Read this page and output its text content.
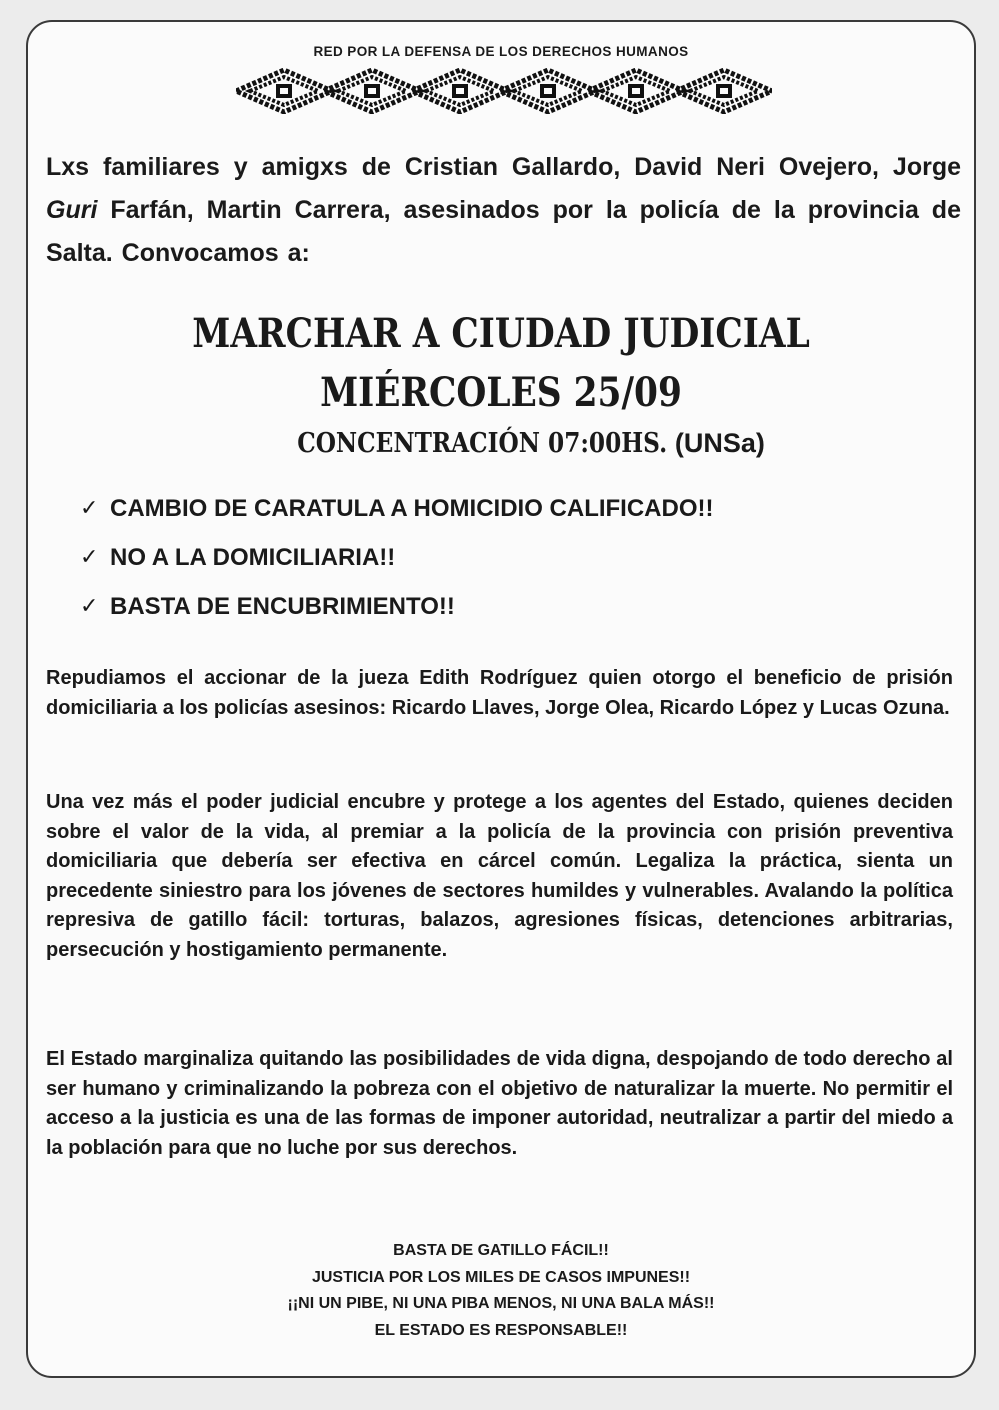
RED POR LA DEFENSA DE LOS DERECHOS HUMANOS
Lxs familiares y amigxs de Cristian Gallardo, David Neri Ovejero, Jorge Guri Farfán, Martin Carrera, asesinados por la policía de la provincia de Salta. Convocamos a:
MARCHAR A CIUDAD JUDICIAL
MIÉRCOLES 25/09
CONCENTRACIÓN 07:00HS. (UNSa)
✓ CAMBIO DE CARATULA A HOMICIDIO CALIFICADO!!
✓ NO A LA DOMICILIARIA!!
✓ BASTA DE ENCUBRIMIENTO!!
Repudiamos el accionar de la jueza Edith Rodríguez quien otorgo el beneficio de prisión domiciliaria a los policías asesinos: Ricardo Llaves, Jorge Olea, Ricardo López y Lucas Ozuna.
Una vez más el poder judicial encubre y protege a los agentes del Estado, quienes deciden sobre el valor de la vida, al premiar a la policía de la provincia con prisión preventiva domiciliaria que debería ser efectiva en cárcel común. Legaliza la práctica, sienta un precedente siniestro para los jóvenes de sectores humildes y vulnerables. Avalando la política represiva de gatillo fácil: torturas, balazos, agresiones físicas, detenciones arbitrarias, persecución y hostigamiento permanente.
El Estado marginaliza quitando las posibilidades de vida digna, despojando de todo derecho al ser humano y criminalizando la pobreza con el objetivo de naturalizar la muerte. No permitir el acceso a la justicia es una de las formas de imponer autoridad, neutralizar a partir del miedo a la población para que no luche por sus derechos.
BASTA DE GATILLO FÁCIL!!
JUSTICIA POR LOS MILES DE CASOS IMPUNES!!
¡¡NI UN PIBE, NI UNA PIBA MENOS, NI UNA BALA MÁS!!
EL ESTADO ES RESPONSABLE!!
